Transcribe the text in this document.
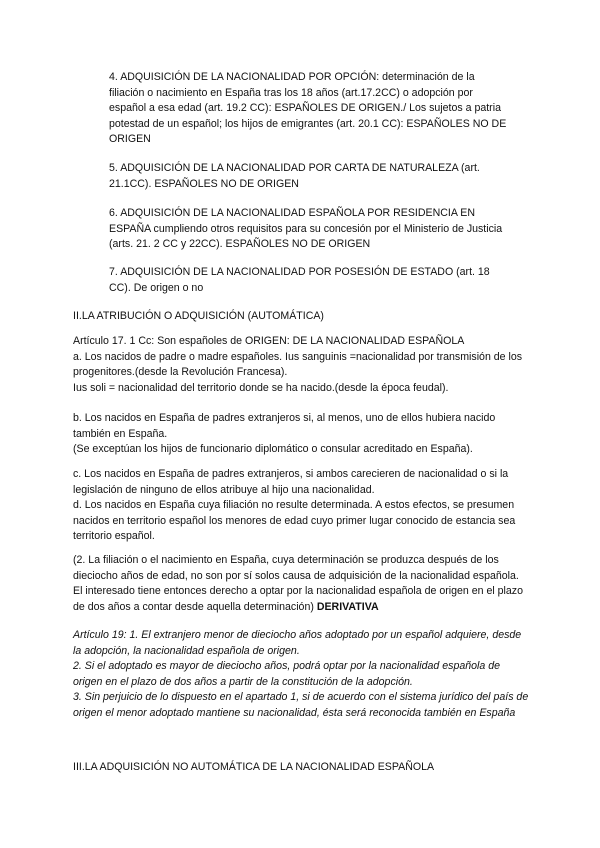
4. ADQUISICIÓN DE LA NACIONALIDAD POR OPCIÓN: determinación de la filiación o nacimiento en España tras los 18 años (art.17.2CC) o adopción por español a esa edad (art. 19.2 CC): ESPAÑOLES DE ORIGEN./ Los sujetos a patria potestad de un español; los hijos de emigrantes (art. 20.1 CC): ESPAÑOLES NO DE ORIGEN

5. ADQUISICIÓN DE LA NACIONALIDAD POR CARTA DE NATURALEZA (art. 21.1CC). ESPAÑOLES NO DE ORIGEN

6. ADQUISICIÓN DE LA NACIONALIDAD ESPAÑOLA POR RESIDENCIA EN ESPAÑA cumpliendo otros requisitos para su concesión por el Ministerio de Justicia (arts. 21. 2 CC y 22CC). ESPAÑOLES NO DE ORIGEN

7. ADQUISICIÓN DE LA NACIONALIDAD POR POSESIÓN DE ESTADO (art. 18 CC). De origen o no

II.LA ATRIBUCIÓN O ADQUISICIÓN (AUTOMÁTICA)

Artículo 17. 1 Cc: Son españoles de ORIGEN: DE LA NACIONALIDAD ESPAÑOLA
a. Los nacidos de padre o madre españoles. Ius sanguinis =nacionalidad por transmisión de los progenitores.(desde la Revolución Francesa).
Ius soli = nacionalidad del territorio donde se ha nacido.(desde la época feudal).
b. Los nacidos en España de padres extranjeros si, al menos, uno de ellos hubiera nacido también en España.
(Se exceptúan los hijos de funcionario diplomático o consular acreditado en España).
c. Los nacidos en España de padres extranjeros, si ambos carecieren de nacionalidad o si la legislación de ninguno de ellos atribuye al hijo una nacionalidad.
d. Los nacidos en España cuya filiación no resulte determinada. A estos efectos, se presumen nacidos en territorio español los menores de edad cuyo primer lugar conocido de estancia sea territorio español.

(2. La filiación o el nacimiento en España, cuya determinación se produzca después de los dieciocho años de edad, no son por sí solos causa de adquisición de la nacionalidad española. El interesado tiene entonces derecho a optar por la nacionalidad española de origen en el plazo de dos años a contar desde aquella determinación) DERIVATIVA

Artículo 19: 1. El extranjero menor de dieciocho años adoptado por un español adquiere, desde la adopción, la nacionalidad española de origen.
2. Si el adoptado es mayor de dieciocho años, podrá optar por la nacionalidad española de origen en el plazo de dos años a partir de la constitución de la adopción.
3. Sin perjuicio de lo dispuesto en el apartado 1, si de acuerdo con el sistema jurídico del país de origen el menor adoptado mantiene su nacionalidad, ésta será reconocida también en España

III.LA ADQUISICIÓN NO AUTOMÁTICA DE LA NACIONALIDAD ESPAÑOLA
